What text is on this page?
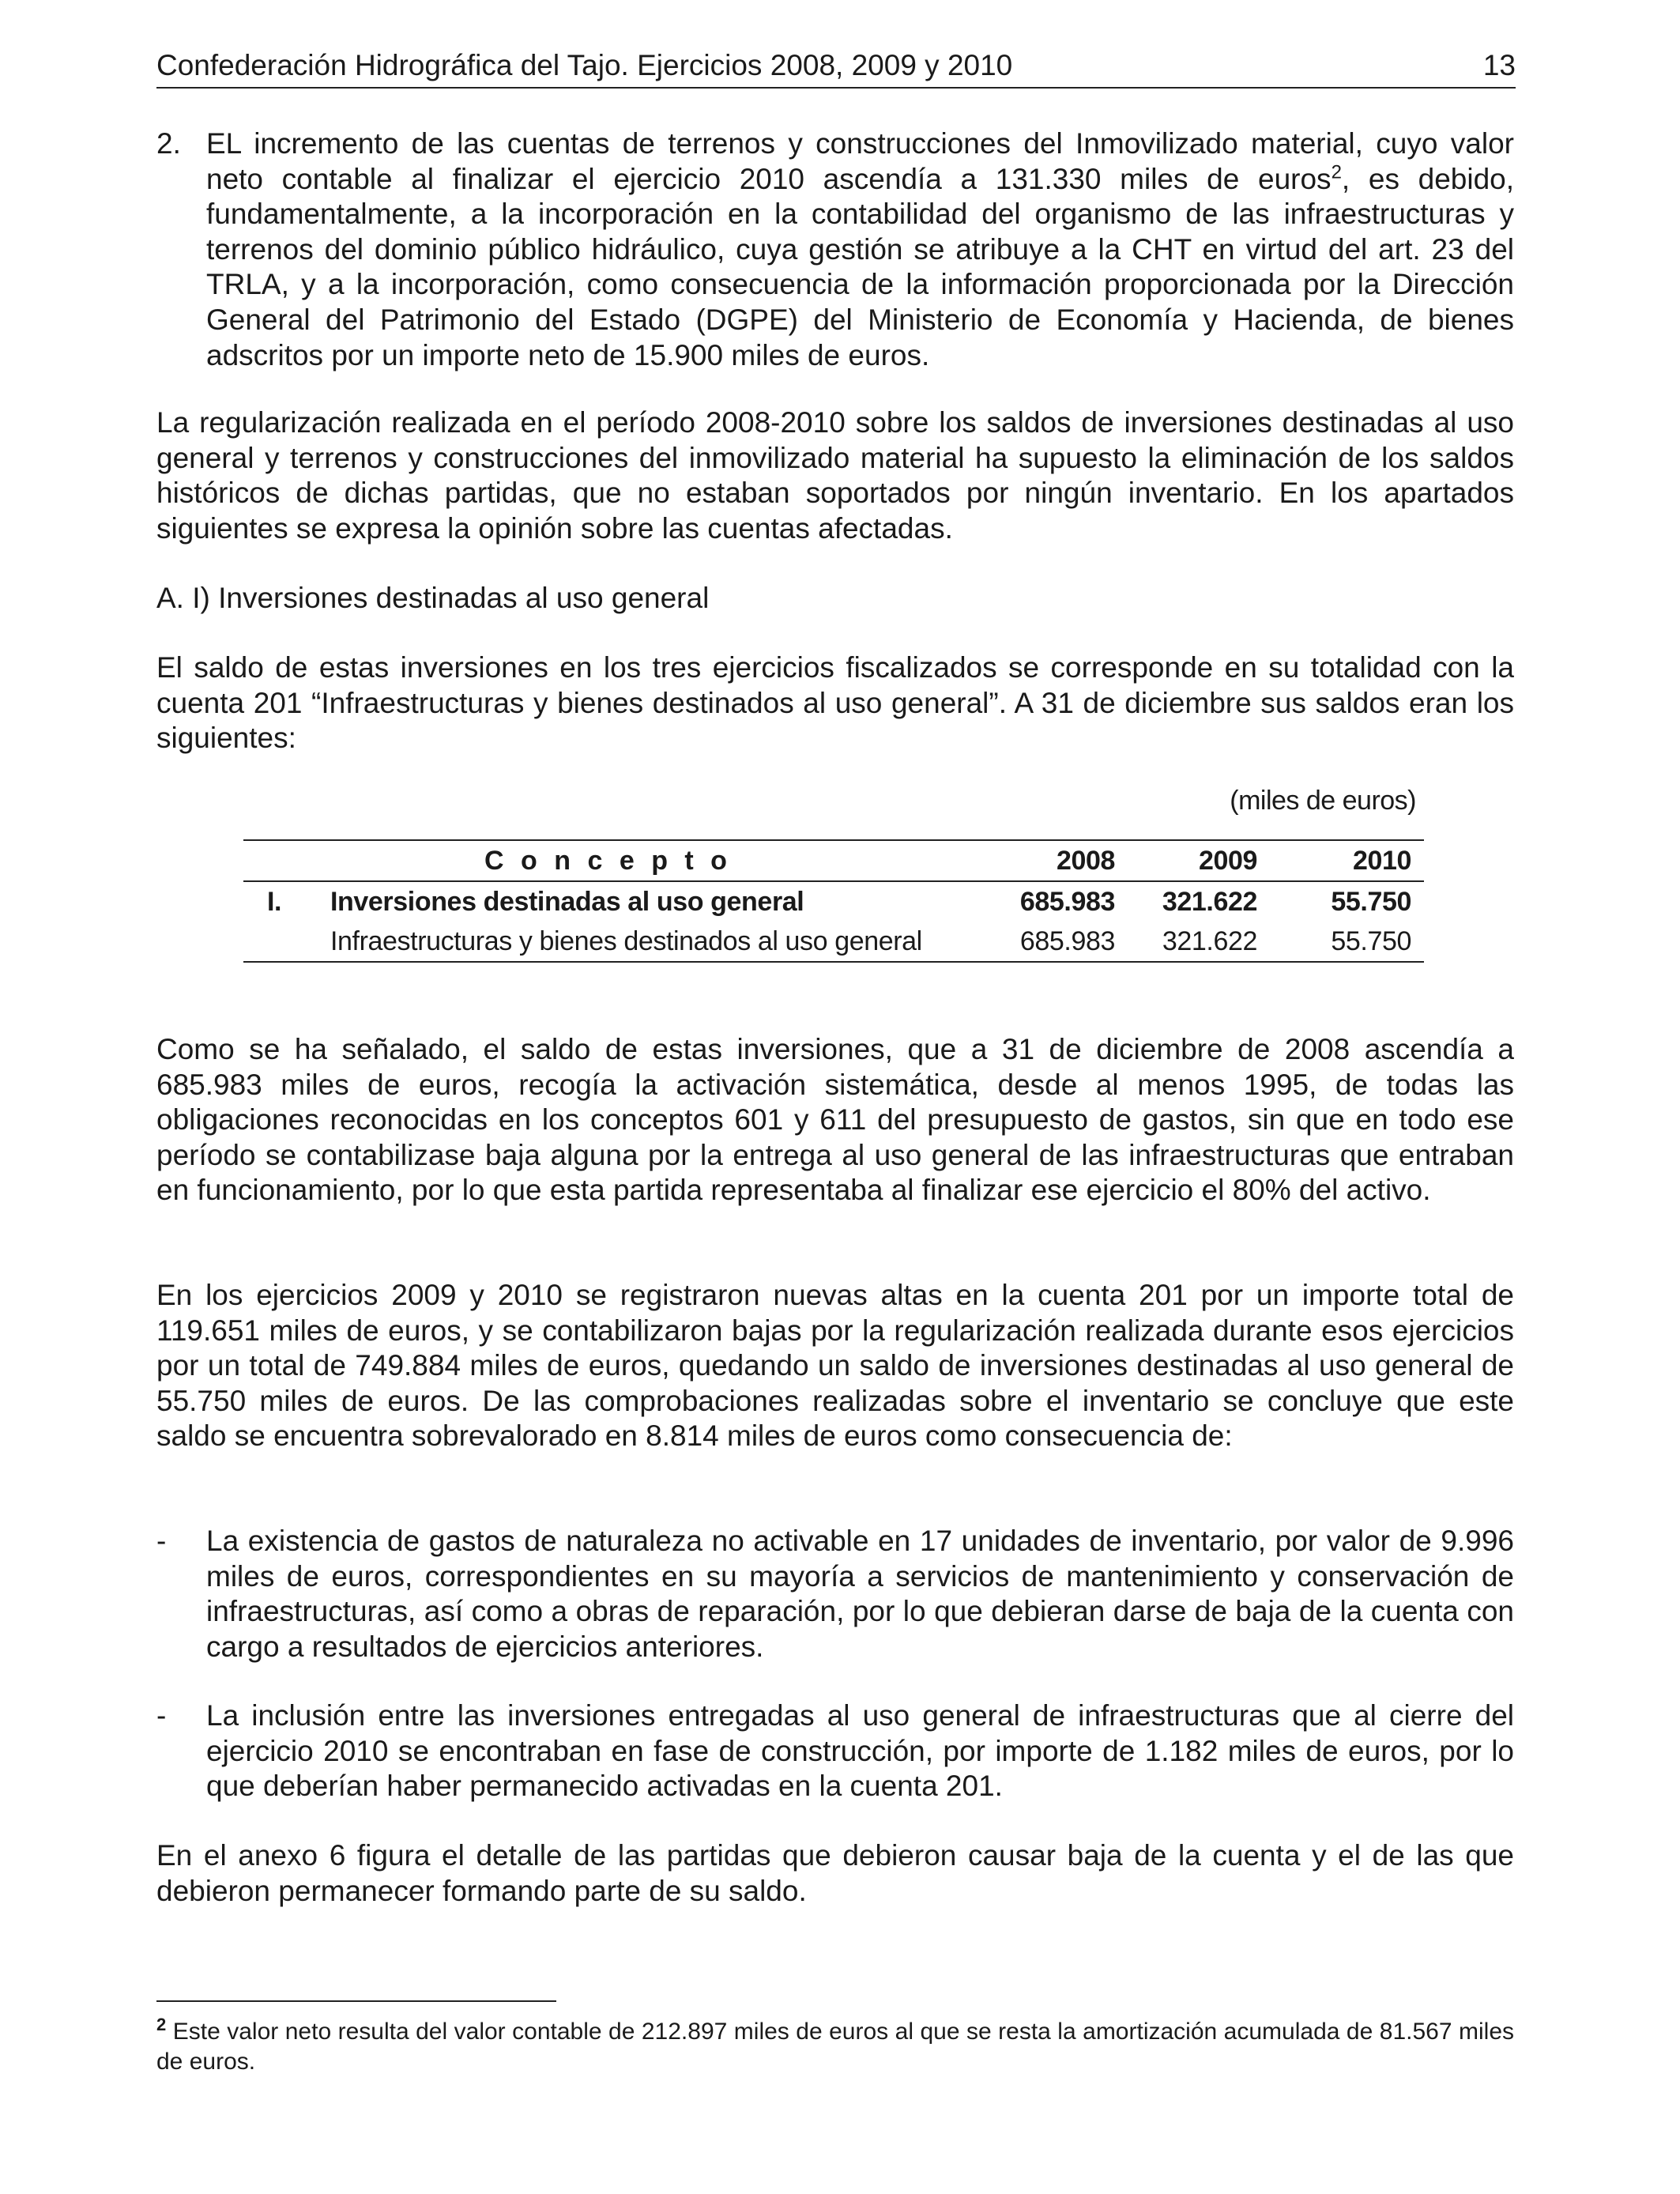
Confederación Hidrográfica del Tajo. Ejercicios 2008, 2009 y 2010	13
2. EL incremento de las cuentas de terrenos y construcciones del Inmovilizado material, cuyo valor neto contable al finalizar el ejercicio 2010 ascendía a 131.330 miles de euros$^2$, es debido, fundamentalmente, a la incorporación en la contabilidad del organismo de las infraestructuras y terrenos del dominio público hidráulico, cuya gestión se atribuye a la CHT en virtud del art. 23 del TRLA, y a la incorporación, como consecuencia de la información proporcionada por la Dirección General del Patrimonio del Estado (DGPE) del Ministerio de Economía y Hacienda, de bienes adscritos por un importe neto de 15.900 miles de euros.

La regularización realizada en el período 2008-2010 sobre los saldos de inversiones destinadas al uso general y terrenos y construcciones del inmovilizado material ha supuesto la eliminación de los saldos históricos de dichas partidas, que no estaban soportados por ningún inventario. En los apartados siguientes se expresa la opinión sobre las cuentas afectadas.

A. I) Inversiones destinadas al uso general

El saldo de estas inversiones en los tres ejercicios fiscalizados se corresponde en su totalidad con la cuenta 201 “Infraestructuras y bienes destinados al uso general”. A 31 de diciembre sus saldos eran los siguientes:

(miles de euros)
C o n c e p t o		2008	2009	2010
I.	Inversiones destinadas al uso general	685.983	321.622	55.750
	Infraestructuras y bienes destinados al uso general	685.983	321.622	55.750

Como se ha señalado, el saldo de estas inversiones, que a 31 de diciembre de 2008 ascendía a 685.983 miles de euros, recogía la activación sistemática, desde al menos 1995, de todas las obligaciones reconocidas en los conceptos 601 y 611 del presupuesto de gastos, sin que en todo ese período se contabilizase baja alguna por la entrega al uso general de las infraestructuras que entraban en funcionamiento, por lo que esta partida representaba al finalizar ese ejercicio el 80% del activo.

En los ejercicios 2009 y 2010 se registraron nuevas altas en la cuenta 201 por un importe total de 119.651 miles de euros, y se contabilizaron bajas por la regularización realizada durante esos ejercicios por un total de 749.884 miles de euros, quedando un saldo de inversiones destinadas al uso general de 55.750 miles de euros. De las comprobaciones realizadas sobre el inventario se concluye que este saldo se encuentra sobrevalorado en 8.814 miles de euros como consecuencia de:

-	La existencia de gastos de naturaleza no activable en 17 unidades de inventario, por valor de 9.996 miles de euros, correspondientes en su mayoría a servicios de mantenimiento y conservación de infraestructuras, así como a obras de reparación, por lo que debieran darse de baja de la cuenta con cargo a resultados de ejercicios anteriores.
-	La inclusión entre las inversiones entregadas al uso general de infraestructuras que al cierre del ejercicio 2010 se encontraban en fase de construcción, por importe de 1.182 miles de euros, por lo que deberían haber permanecido activadas en la cuenta 201.

En el anexo 6 figura el detalle de las partidas que debieron causar baja de la cuenta y el de las que debieron permanecer formando parte de su saldo.

$^2$ Este valor neto resulta del valor contable de 212.897 miles de euros al que se resta la amortización acumulada de 81.567 miles de euros.
